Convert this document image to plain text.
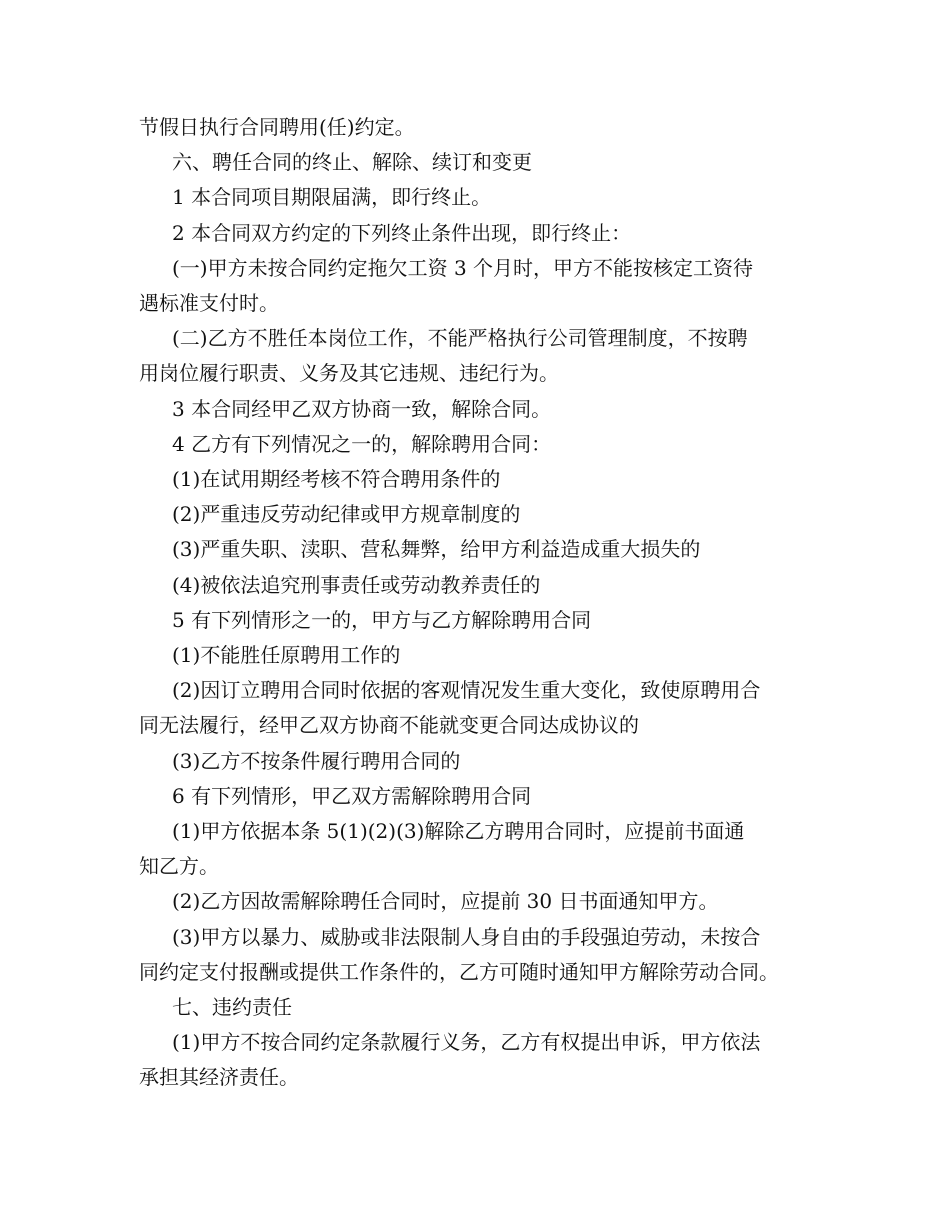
节假日执行合同聘用(任)约定。
六、聘任合同的终止、解除、续订和变更
1 本合同项目期限届满，即行终止。
2 本合同双方约定的下列终止条件出现，即行终止：
(一)甲方未按合同约定拖欠工资 3 个月时，甲方不能按核定工资待
遇标准支付时。
(二)乙方不胜任本岗位工作，不能严格执行公司管理制度，不按聘
用岗位履行职责、义务及其它违规、违纪行为。
3 本合同经甲乙双方协商一致，解除合同。
4 乙方有下列情况之一的，解除聘用合同：
(1)在试用期经考核不符合聘用条件的
(2)严重违反劳动纪律或甲方规章制度的
(3)严重失职、渎职、营私舞弊，给甲方利益造成重大损失的
(4)被依法追究刑事责任或劳动教养责任的
5 有下列情形之一的，甲方与乙方解除聘用合同
(1)不能胜任原聘用工作的
(2)因订立聘用合同时依据的客观情况发生重大变化，致使原聘用合
同无法履行，经甲乙双方协商不能就变更合同达成协议的
(3)乙方不按条件履行聘用合同的
6 有下列情形，甲乙双方需解除聘用合同
(1)甲方依据本条 5(1)(2)(3)解除乙方聘用合同时，应提前书面通
知乙方。
(2)乙方因故需解除聘任合同时，应提前 30 日书面通知甲方。
(3)甲方以暴力、威胁或非法限制人身自由的手段强迫劳动，未按合
同约定支付报酬或提供工作条件的，乙方可随时通知甲方解除劳动合同。
七、违约责任
(1)甲方不按合同约定条款履行义务，乙方有权提出申诉，甲方依法
承担其经济责任。
